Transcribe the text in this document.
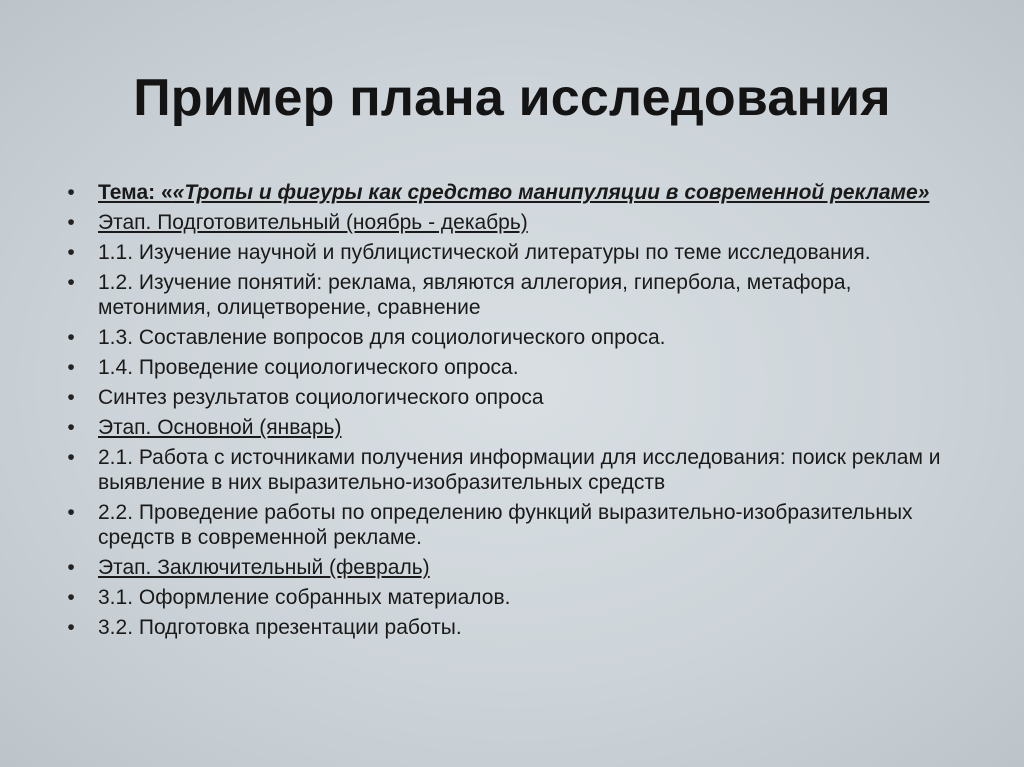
Пример плана исследования
• Тема: ««Тропы и фигуры как средство манипуляции в современной рекламе»
• Этап. Подготовительный (ноябрь - декабрь)
• 1.1. Изучение научной и публицистической литературы по теме исследования.
• 1.2. Изучение понятий: реклама, являются аллегория, гипербола, метафора, метонимия, олицетворение, сравнение
• 1.3. Составление вопросов для социологического опроса.
• 1.4. Проведение социологического опроса.
• Синтез результатов социологического опроса
• Этап. Основной (январь)
• 2.1. Работа с источниками получения информации для исследования: поиск реклам и выявление в них выразительно-изобразительных средств
• 2.2. Проведение работы по определению функций выразительно-изобразительных средств в современной рекламе.
• Этап. Заключительный (февраль)
• 3.1. Оформление собранных материалов.
• 3.2. Подготовка презентации работы.
